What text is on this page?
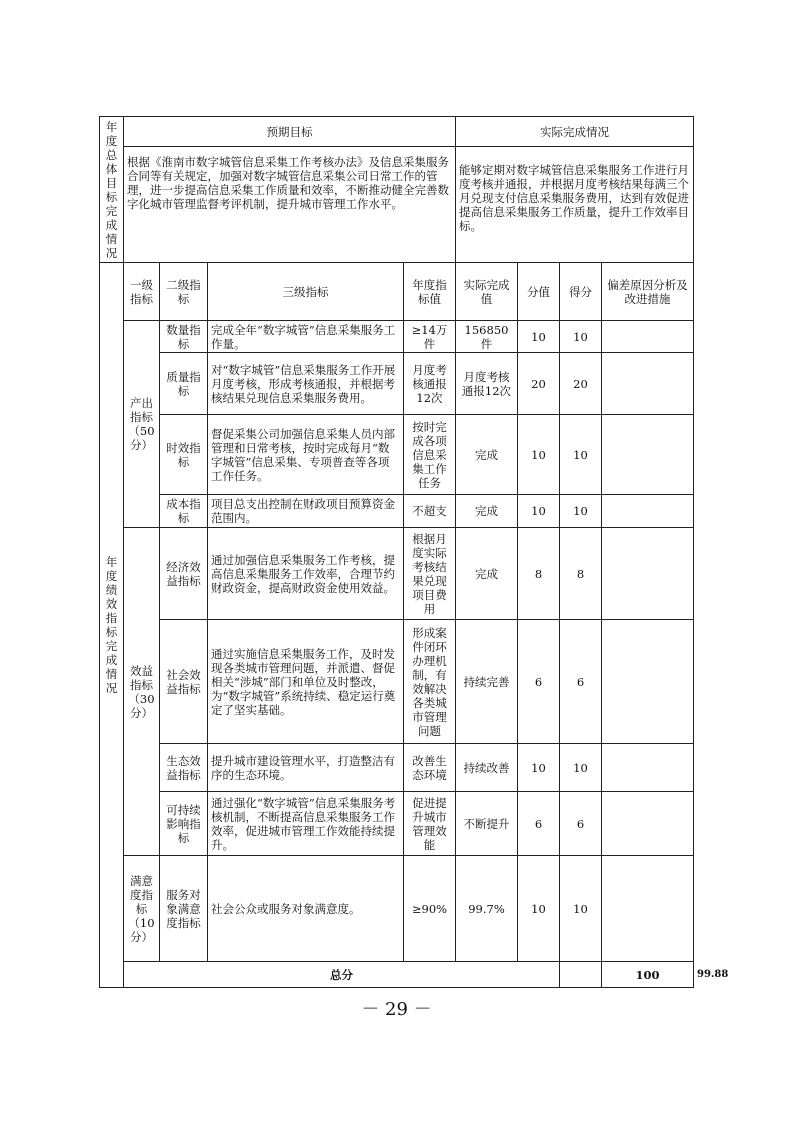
年度总体目标完成情况	预期目标				实际完成情况				
	根据《淮南市数字城管信息采集工作考核办法》及信息采集服务合同等有关规定，加强对数字城管信息采集公司日常工作的管理，进一步提高信息采集工作质量和效率，不断推动健全完善数字化城市管理监督考评机制，提升城市管理工作水平。				能够定期对数字城管信息采集服务工作进行月度考核并通报，并根据月度考核结果每满三个月兑现支付信息采集服务费用，达到有效促进提高信息采集服务工作质量，提升工作效率目标。				

年度绩效指标完成情况	一级指标	二级指标	三级指标	年度指标值	实际完成值	分值	得分	偏差原因分析及改进措施	
	产出指标（50分）	数量指标	完成全年“数字城管”信息采集服务工作量。	≥14万件	156850件	10	10		
		质量指标	对“数字城管”信息采集服务工作开展月度考核，形成考核通报，并根据考核结果兑现信息采集服务费用。	月度考核通报12次	月度考核通报12次	20	20		
		时效指标	督促采集公司加强信息采集人员内部管理和日常考核，按时完成每月“数字城管”信息采集、专项普查等各项工作任务。	按时完成各项信息采集工作任务	完成	10	10		
		成本指标	项目总支出控制在财政项目预算资金范围内。	不超支	完成	10	10		
	效益指标（30分）	经济效益指标	通过加强信息采集服务工作考核，提高信息采集服务工作效率，合理节约财政资金，提高财政资金使用效益。	根据月度实际考核结果兑现项目费用	完成	8	8		
		社会效益指标	通过实施信息采集服务工作，及时发现各类城市管理问题，并派遣、督促相关“涉城”部门和单位及时整改，为“数字城管”系统持续、稳定运行奠定了坚实基础。	形成案件闭环办理机制，有效解决各类城市管理问题	持续完善	6	6		
		生态效益指标	提升城市建设管理水平，打造整洁有序的生态环境。	改善生态环境	持续改善	10	10		
		可持续影响指标	通过强化“数字城管”信息采集服务考核机制，不断提高信息采集服务工作效率，促进城市管理工作效能持续提升。	促进提升城市管理效能	不断提升	6	6		
	满意度指标（10分）	服务对象满意度指标	社会公众或服务对象满意度。	≥90%	99.7%	10	10		
	总分							100	99.88	
－ 29 －
